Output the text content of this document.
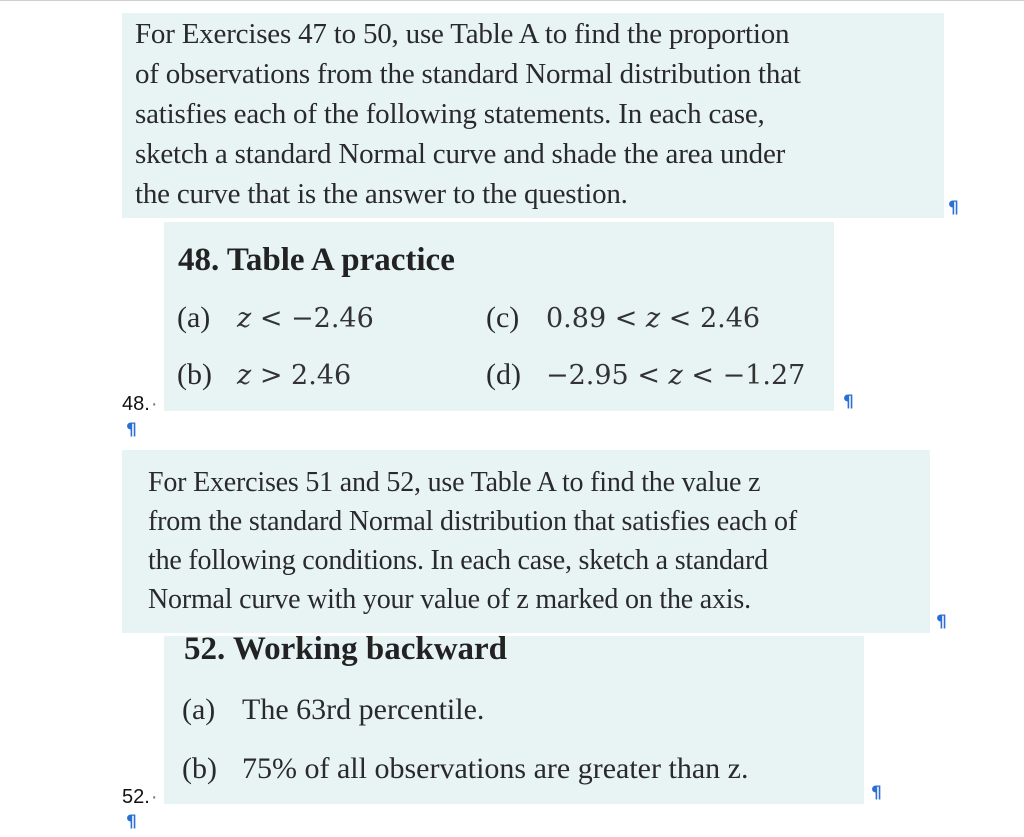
For Exercises 47 to 50, use Table A to find the proportion
of observations from the standard Normal distribution that
satisfies each of the following statements. In each case,
sketch a standard Normal curve and shade the area under
the curve that is the answer to the question.	¶
48. Table A practice
(a) z < −2.46	(c) 0.89 < z < 2.46
(b) z > 2.46	(d) −2.95 < z < −1.27
48. ·	¶
¶
For Exercises 51 and 52, use Table A to find the value z
from the standard Normal distribution that satisfies each of
the following conditions. In each case, sketch a standard
Normal curve with your value of z marked on the axis.
¶
52. Working backward
(a) The 63rd percentile.
(b) 75% of all observations are greater than z.
52. ·	¶
¶
